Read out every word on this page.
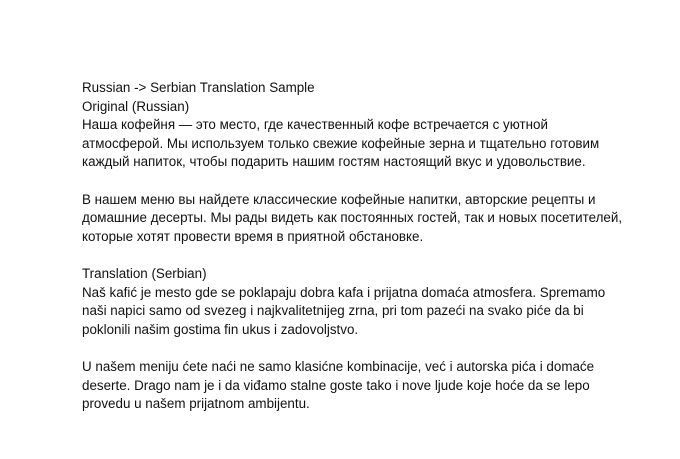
Russian -> Serbian Translation Sample
Original (Russian)
Наша кофейня — это место, где качественный кофе встречается с уютной
атмосферой. Мы используем только свежие кофейные зерна и тщательно готовим
каждый напиток, чтобы подарить нашим гостям настоящий вкус и удовольствие.
В нашем меню вы найдете классические кофейные напитки, авторские рецепты и
домашние десерты. Мы рады видеть как постоянных гостей, так и новых посетителей,
которые хотят провести время в приятной обстановке.
Translation (Serbian)
Naš kafić je mesto gde se poklapaju dobra kafa i prijatna domaća atmosfera. Spremamo
naši napici samo od svezeg i najkvalitetnijeg zrna, pri tom pazeći na svako piće da bi
poklonili našim gostima fin ukus i zadovoljstvo.
U našem meniju ćete naći ne samo klasićne kombinacije, već i autorska pića i domaće
deserte. Drago nam je i da viđamo stalne goste tako i nove ljude koje hoće da se lepo
provedu u našem prijatnom ambijentu.
